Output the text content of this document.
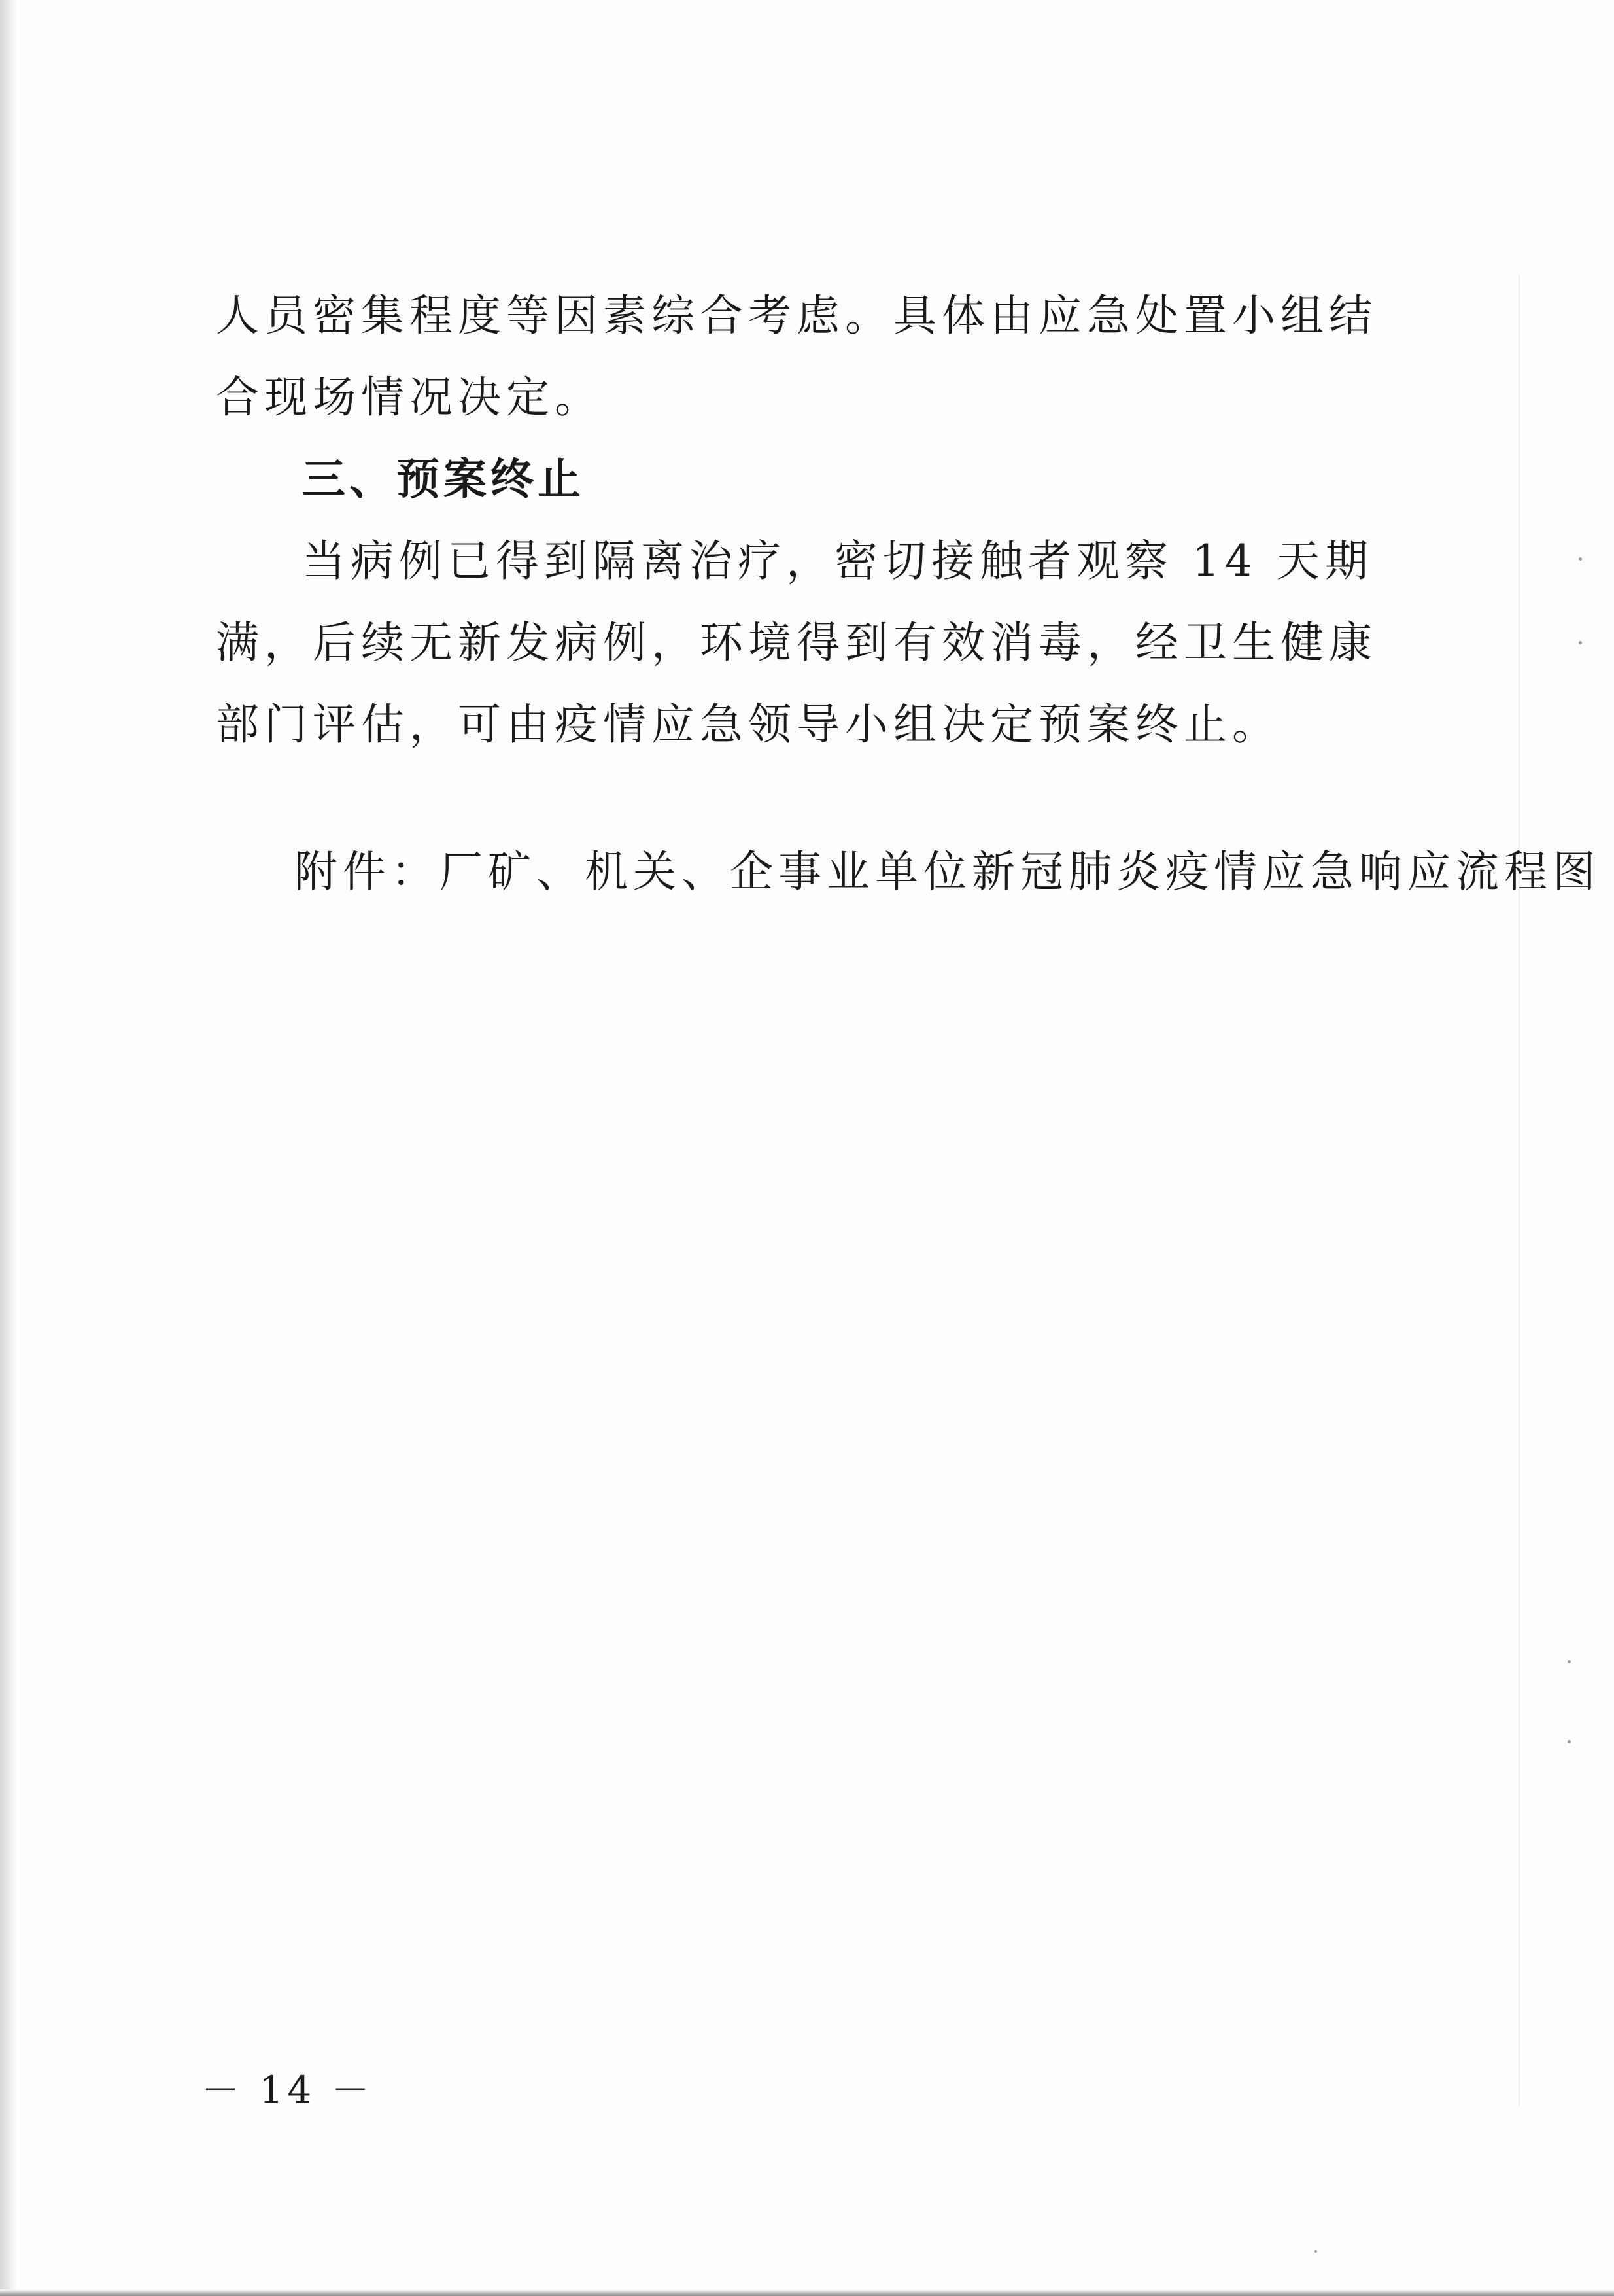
人员密集程度等因素综合考虑。具体由应急处置小组结合现场情况决定。
三、预案终止
当病例已得到隔离治疗，密切接触者观察 14 天期满，后续无新发病例，环境得到有效消毒，经卫生健康部门评估，可由疫情应急领导小组决定预案终止。
附件：厂矿、机关、企事业单位新冠肺炎疫情应急响应流程图
－ 14 －
